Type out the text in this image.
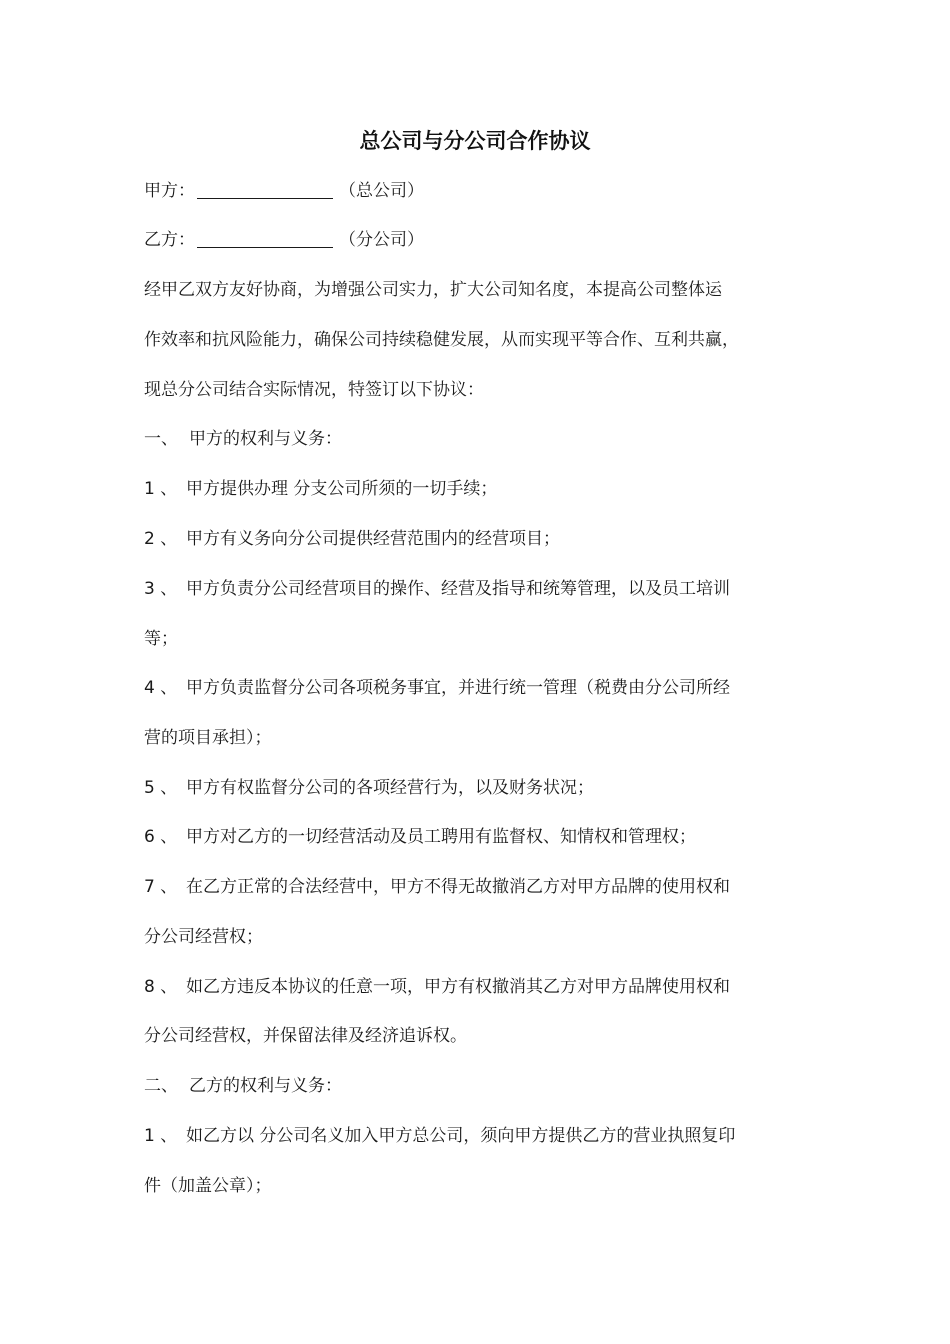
总公司与分公司合作协议
甲方：	（总公司）
乙方：	（分公司）
经甲乙双方友好协商，为增强公司实力，扩大公司知名度，本提高公司整体运
作效率和抗风险能力，确保公司持续稳健发展，从而实现平等合作、互利共赢，
现总分公司结合实际情况，特签订以下协议：
一、 甲方的权利与义务：
1 、 甲方提供办理 分支公司所须的一切手续；
2 、 甲方有义务向分公司提供经营范围内的经营项目；
3 、 甲方负责分公司经营项目的操作、经营及指导和统筹管理，以及员工培训
等；
4 、 甲方负责监督分公司各项税务事宜，并进行统一管理（税费由分公司所经
营的项目承担）；
5 、 甲方有权监督分公司的各项经营行为，以及财务状况；
6 、 甲方对乙方的一切经营活动及员工聘用有监督权、知情权和管理权；
7 、 在乙方正常的合法经营中，甲方不得无故撤消乙方对甲方品牌的使用权和
分公司经营权；
8 、 如乙方违反本协议的任意一项，甲方有权撤消其乙方对甲方品牌使用权和
分公司经营权，并保留法律及经济追诉权。
二、 乙方的权利与义务：
1 、 如乙方以 分公司名义加入甲方总公司，须向甲方提供乙方的营业执照复印
件（加盖公章）；
